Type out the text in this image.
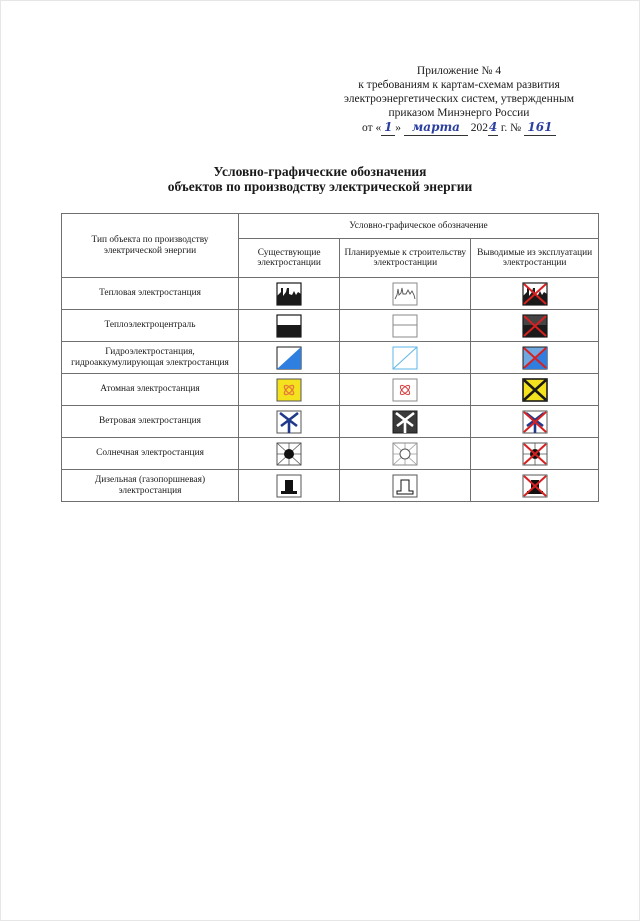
Приложение № 4
к требованиям к картам-схемам развития
электроэнергетических систем, утвержденным
приказом Минэнерго России
от « 1 » марта 2024 г. № 161
Условно-графические обозначения
объектов по производству электрической энергии
Тип объекта по производству электрической энергии	Условно-графическое обозначение		
	Существующие электростанции	Планируемые к строительству электростанции	Выводимые из эксплуатации электростанции
Тепловая электростанция	

Теплоэлектроцентраль	

Гидроэлектростанция, гидроаккумулирующая электростанция	

Атомная электростанция	

Ветровая электростанция	

Солнечная электростанция	

Дизельная (газопоршневая) электростанция	
